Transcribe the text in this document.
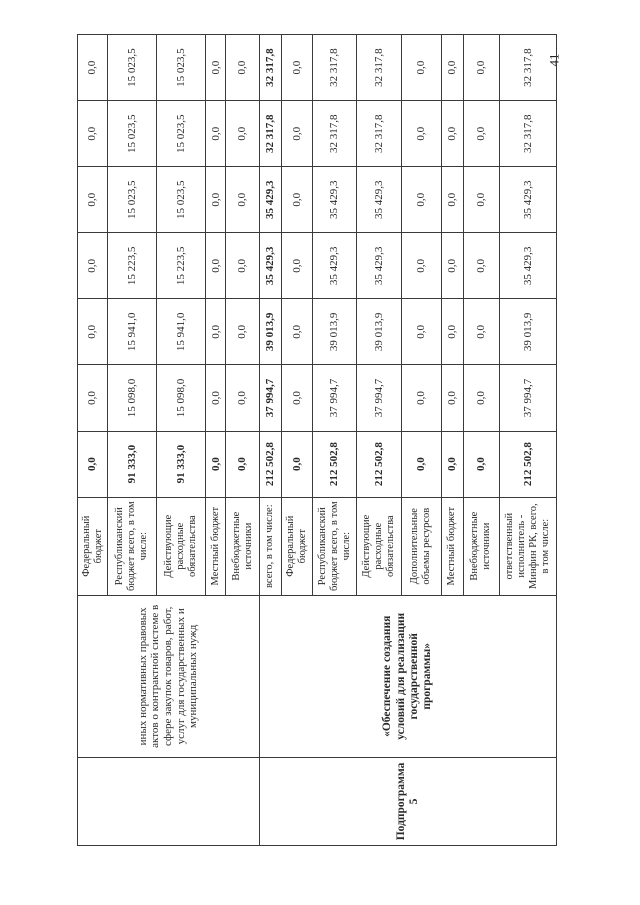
41
	иных нормативных правовых актов о контрактной системе в сфере закупок товаров, работ, услуг для государственных и муниципальных нужд	Федеральный бюджет	0,0	0,0	0,0	0,0	0,0	0,0	0,0
		Республиканский бюджет всего, в том числе:	91 333,0	15 098,0	15 941,0	15 223,5	15 023,5	15 023,5	15 023,5
		Действующие расходные обязательства	91 333,0	15 098,0	15 941,0	15 223,5	15 023,5	15 023,5	15 023,5
		Местный бюджет	0,0	0,0	0,0	0,0	0,0	0,0	0,0
		Внебюджетные источники	0,0	0,0	0,0	0,0	0,0	0,0	0,0
Подпрограмма 5	«Обеспечение создания условий для реализации государственной программы»	всего, в том числе:	212 502,8	37 994,7	39 013,9	35 429,3	35 429,3	32 317,8	32 317,8
		Федеральный бюджет	0,0	0,0	0,0	0,0	0,0	0,0	0,0
		Республиканский бюджет всего, в том числе:	212 502,8	37 994,7	39 013,9	35 429,3	35 429,3	32 317,8	32 317,8
		Действующие расходные обязательства	212 502,8	37 994,7	39 013,9	35 429,3	35 429,3	32 317,8	32 317,8
		Дополнительные объемы ресурсов	0,0	0,0	0,0	0,0	0,0	0,0	0,0
		Местный бюджет	0,0	0,0	0,0	0,0	0,0	0,0	0,0
		Внебюджетные источники	0,0	0,0	0,0	0,0	0,0	0,0	0,0
		ответственный исполнитель - Минфин РК, всего, в том числе:	212 502,8	37 994,7	39 013,9	35 429,3	35 429,3	32 317,8	32 317,8
